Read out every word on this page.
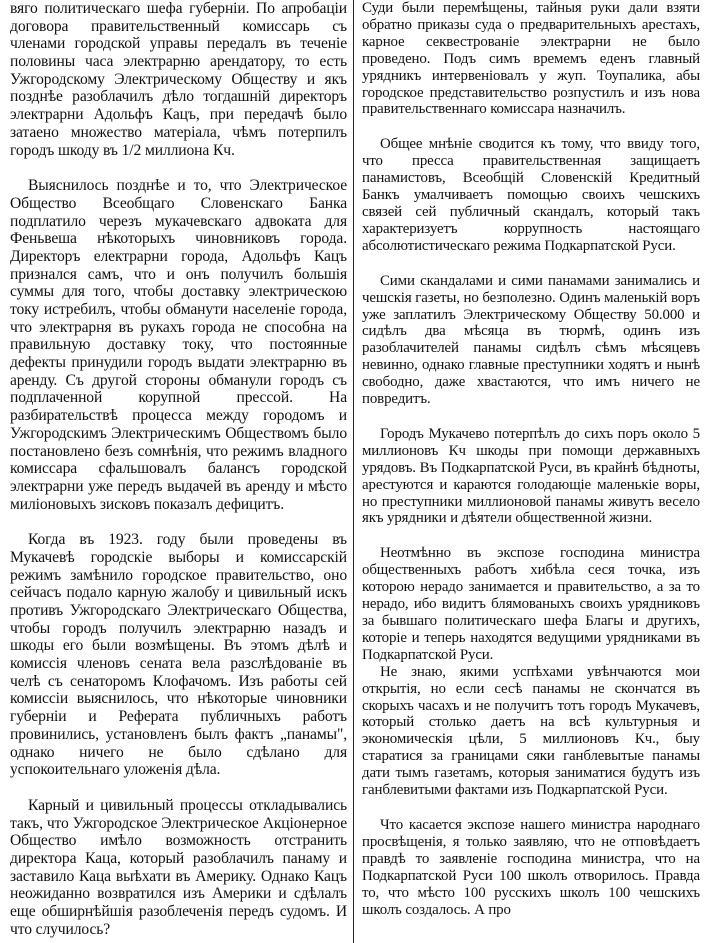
вяго политическаго шефа губерніи. По апробаціи договора правительственный комиссарь съ членами городской управы передалъ въ теченіе половины часа электрарню арендатору, то есть Ужгородскому Электрическому Обществу и якъ позднѣе разоблачилъ дѣло тогдашній директоръ электрарни Адольфъ Кацъ, при передачѣ было затаено множество матеріала, чѣмъ потерпилъ городъ шкоду въ 1/2 миллиона Кч.

Выяснилось позднѣе и то, что Электрическое Общество Всеобщаго Словенскаго Банка подплатило черезъ мукачевскаго адвоката для Феньвеша нѣкоторыхъ чиновниковъ города. Директоръ електрарни города, Адольфъ Кацъ признался самъ, что и онъ получилъ большія суммы для того, чтобы доставку электрическою току истребилъ, чтобы обманути населеніе города, что электрарня въ рукахъ города не способна на правильную доставку току, что постоянные дефекты принудили городъ выдати электрарню въ аренду. Съ другой стороны обманули городъ съ подплаченной корупной прессой. На разбирательствѣ процесса между городомъ и Ужгородскимъ Электрическимъ Обществомъ было постановлено безъ сомнѣнія, что режимъ владного комиссара сфальшовалъ балансъ городской электрарни уже передъ выдачей въ аренду и мѣсто миліоновыхъ зисковъ показалъ дефицитъ.

Когда въ 1923. году были проведены въ Мукачевѣ городскіе выборы и комиссарскій режимъ замѣнило городское правительство, оно сейчасъ подало карную жалобу и цивильный искъ противъ Ужгородскаго Электрическаго Общества, чтобы городъ получилъ электрарню назадъ и шкоды его были возмѣщены. Въ этомъ дѣлѣ и комиссія членовъ сената вела разслѣдованіе въ челѣ съ сенаторомъ Клофачомъ. Изъ работы сей комиссіи выяснилось, что нѣкоторые чиновники губерніи и Реферата публичныхъ работъ провинились, установленъ былъ фактъ „панамы", однако ничего не было сдѣлано для успокоительнаго уложенія дѣла.

Карный и цивильный процессы откладывались такъ, что Ужгородское Электрическое Акціонерное Общество имѣло возможность отстранить директора Каца, который разоблачилъ панаму и заставило Каца выѣхати въ Америку. Однако Кацъ неожиданно возвратился изъ Америки и сдѣлалъ еще обширнѣйшія разоблеченія передъ судомъ. И что случилось?

Суди были перемѣщены, тайныя руки дали взяти обратно приказы суда о предварительныхъ арестахъ, карное секвестрованіе электрарни не было проведено. Подъ симъ времемъ еденъ главный урядникъ интервеніовалъ у жуп. Тоупалика, абы городское представительство розпустилъ и изъ нова правительственнаго комиссара назначилъ.

Общее мнѣніе сводится къ тому, что ввиду того, что пресса правительственная защищаетъ панамистовъ, Всеобщій Словенскій Кредитный Банкъ умалчиваетъ помощью своихъ чешскихъ связей сей публичный скандалъ, который такъ характеризуетъ коррупность настоящаго абсолютистическаго режима Подкарпатской Руси.

Сими скандалами и сими панамами занимались и чешскія газеты, но безполезно. Одинъ маленькій воръ уже заплатилъ Электрическому Обществу 50.000 и сидѣлъ два мѣсяца въ тюрмѣ, одинъ изъ разоблачителей панамы сидѣлъ сѣмъ мѣсяцевъ невинно, однако главные преступники ходятъ и нынѣ свободно, даже хвастаются, что имъ ничего не повредитъ.

Городъ Мукачево потерпѣлъ до сихъ поръ около 5 миллионовъ Кч шкоды при помощи державныхъ урядовъ. Въ Подкарпатской Руси, въ крайнѣ бѣдноты, арестуются и караются голодающіе маленькіе воры, но преступники миллионовой панамы живутъ весело якъ урядники и дѣятели общественной жизни.

Неотмѣнно въ экспозе господина министра общественныхъ работъ хибѣла сеся точка, изъ которою нерадо занимается и правительство, а за то нерадо, ибо видитъ блямованыхъ своихъ урядниковъ за бывшаго политическаго шефа Благы и другихъ, которіе и теперь находятся ведущими урядниками въ Подкарпатской Руси.

Не знаю, якими успѣхами увѣнчаются мои открытія, но если сесѣ панамы не скончатся въ скорыхъ часахъ и не получитъ тотъ городъ Мукачевъ, который столько даетъ на всѣ культурныя и экономическія цѣли, 5 миллионовъ Кч., быу старатися за границами сяки ганблевытые панамы дати тымъ газетамъ, которыя заниматися будутъ изъ ганблевитыми фактами изъ Подкарпатской Руси.

Что касается экспозе нашего министра народнаго просвѣщенія, я только заявляю, что не отповѣдаетъ правдѣ то заявленіе господина министра, что на Подкарпатской Руси 100 школъ отворилось. Правда то, что мѣсто 100 русскихъ школъ 100 чешскихъ школъ создалось. А про
